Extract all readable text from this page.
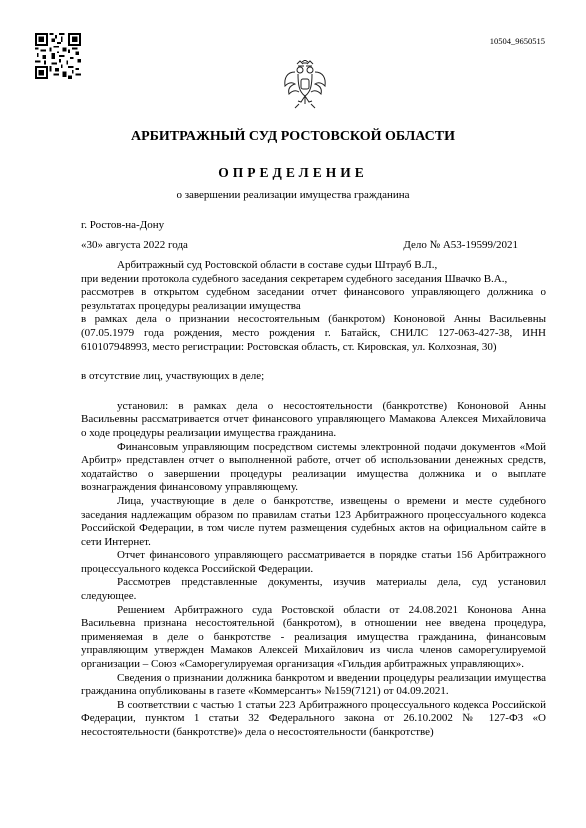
10504_9650515
АРБИТРАЖНЫЙ СУД РОСТОВСКОЙ ОБЛАСТИ
ОПРЕДЕЛЕНИЕ
о завершении реализации имущества гражданина
г. Ростов-на-Дону
«30» августа 2022 года	Дело № А53-19599/2021

Арбитражный суд Ростовской области в составе судьи Штрауб В.Л.,

при ведении протокола судебного заседания секретарем судебного заседания Швачко В.А.,

рассмотрев в открытом судебном заседании отчет финансового управляющего должника о результатах процедуры реализации имущества

в рамках дела о признании несостоятельным (банкротом) Кононовой Анны Васильевны (07.05.1979 года рождения, место рождения г. Батайск, СНИЛС 127-063-427-38, ИНН 610107948993, место регистрации: Ростовская область, ст. Кировская, ул. Колхозная, 30)

в отсутствие лиц, участвующих в деле;

установил: в рамках дела о несостоятельности (банкротстве) Кононовой Анны Васильевны рассматривается отчет финансового управляющего Мамакова Алексея Михайловича о ходе процедуры реализации имущества гражданина.

Финансовым управляющим посредством системы электронной подачи документов «Мой Арбитр» представлен отчет о выполненной работе, отчет об использовании денежных средств, ходатайство о завершении процедуры реализации имущества должника и о выплате вознаграждения финансовому управляющему.

Лица, участвующие в деле о банкротстве, извещены о времени и месте судебного заседания надлежащим образом по правилам статьи 123 Арбитражного процессуального кодекса Российской Федерации, в том числе путем размещения судебных актов на официальном сайте в сети Интернет.

Отчет финансового управляющего рассматривается в порядке статьи 156 Арбитражного процессуального кодекса Российской Федерации.

Рассмотрев представленные документы, изучив материалы дела, суд установил следующее.

Решением Арбитражного суда Ростовской области от 24.08.2021 Кононова Анна Васильевна признана несостоятельной (банкротом), в отношении нее введена процедура, применяемая в деле о банкротстве - реализация имущества гражданина, финансовым управляющим утвержден Мамаков Алексей Михайлович из числа членов саморегулируемой организации – Союз «Саморегулируемая организация «Гильдия арбитражных управляющих».

Сведения о признании должника банкротом и введении процедуры реализации имущества гражданина опубликованы в газете «Коммерсантъ» №159(7121) от 04.09.2021.

В соответствии с частью 1 статьи 223 Арбитражного процессуального кодекса Российской Федерации, пунктом 1 статьи 32 Федерального закона от 26.10.2002 № 127-ФЗ «О несостоятельности (банкротстве)» дела о несостоятельности (банкротстве)
